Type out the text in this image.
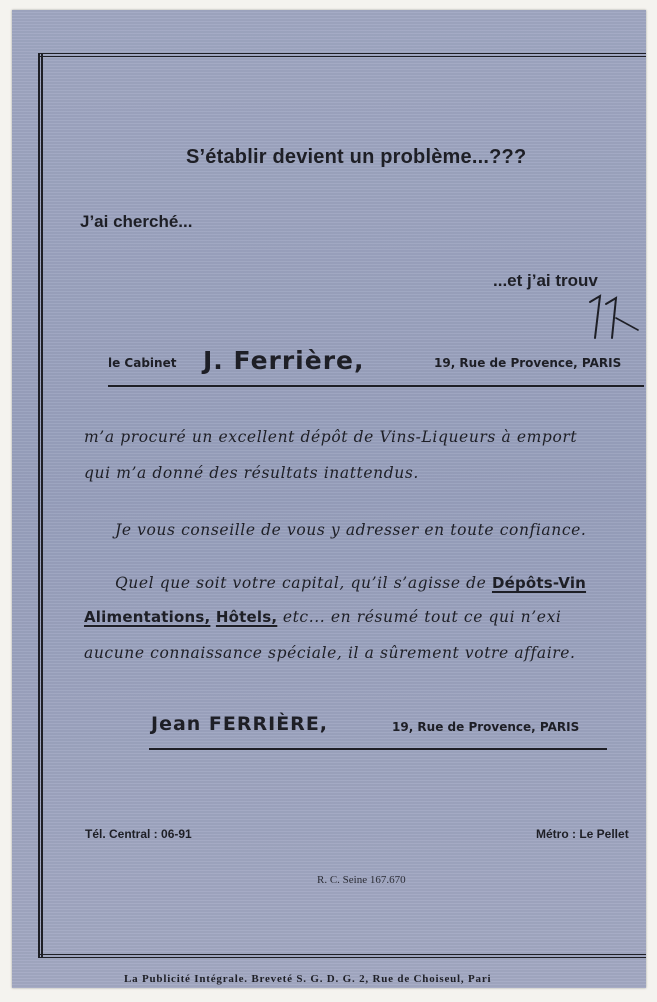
S’établir devient un problème...???
J’ai cherché...
...et j’ai trouv
le Cabinet J. Ferrière,	19, Rue de Provence, PARIS
m’a procuré un excellent dépôt de Vins-Liqueurs à emport
qui m’a donné des résultats inattendus.
Je vous conseille de vous y adresser en toute confiance.
Quel que soit votre capital, qu’il s’agisse de Dépôts-Vin
Alimentations, Hôtels, etc... en résumé tout ce qui n’exi
aucune connaissance spéciale, il a sûrement votre affaire.
Jean FERRIÈRE,	19, Rue de Provence, PARIS
Tél. Central : 06-91	Métro : Le Pellet
R. C. Seine 167.670
La Publicité Intégrale. Breveté S. G. D. G. 2, Rue de Choiseul, Pari
